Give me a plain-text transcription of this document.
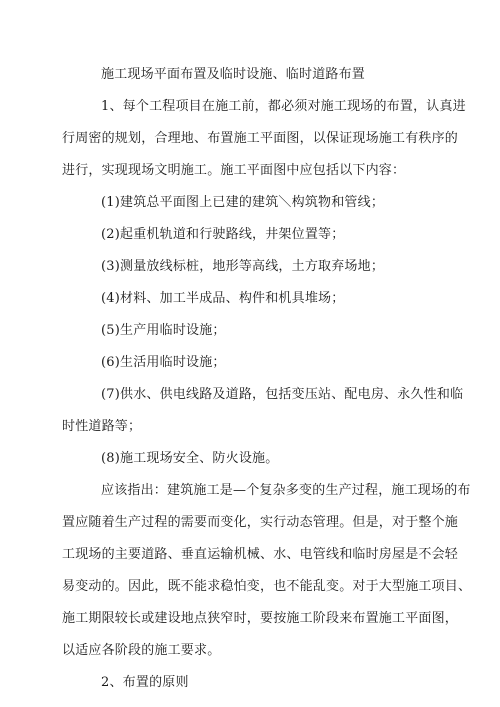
施工现场平面布置及临时设施、临时道路布置
1、每个工程项目在施工前，都必须对施工现场的布置，认真进
行周密的规划，合理地、布置施工平面图，以保证现场施工有秩序的
进行，实现现场文明施工。施工平面图中应包括以下内容：
(1)建筑总平面图上已建的建筑＼构筑物和管线；
(2)起重机轨道和行驶路线，井架位置等；
(3)测量放线标桩，地形等高线，土方取弃场地；
(4)材料、加工半成品、构件和机具堆场；
(5)生产用临时设施；
(6)生活用临时设施；
(7)供水、供电线路及道路，包括变压站、配电房、永久性和临
时性道路等；
(8)施工现场安全、防火设施。
应该指出：建筑施工是—个复杂多变的生产过程，施工现场的布
置应随着生产过程的需要而变化，实行动态管理。但是，对于整个施
工现场的主要道路、垂直运输机械、水、电管线和临时房屋是不会轻
易变动的。因此，既不能求稳怕变，也不能乱变。对于大型施工项目、
施工期限较长或建设地点狭窄时，要按施工阶段来布置施工平面图，
以适应各阶段的施工要求。
2、布置的原则
